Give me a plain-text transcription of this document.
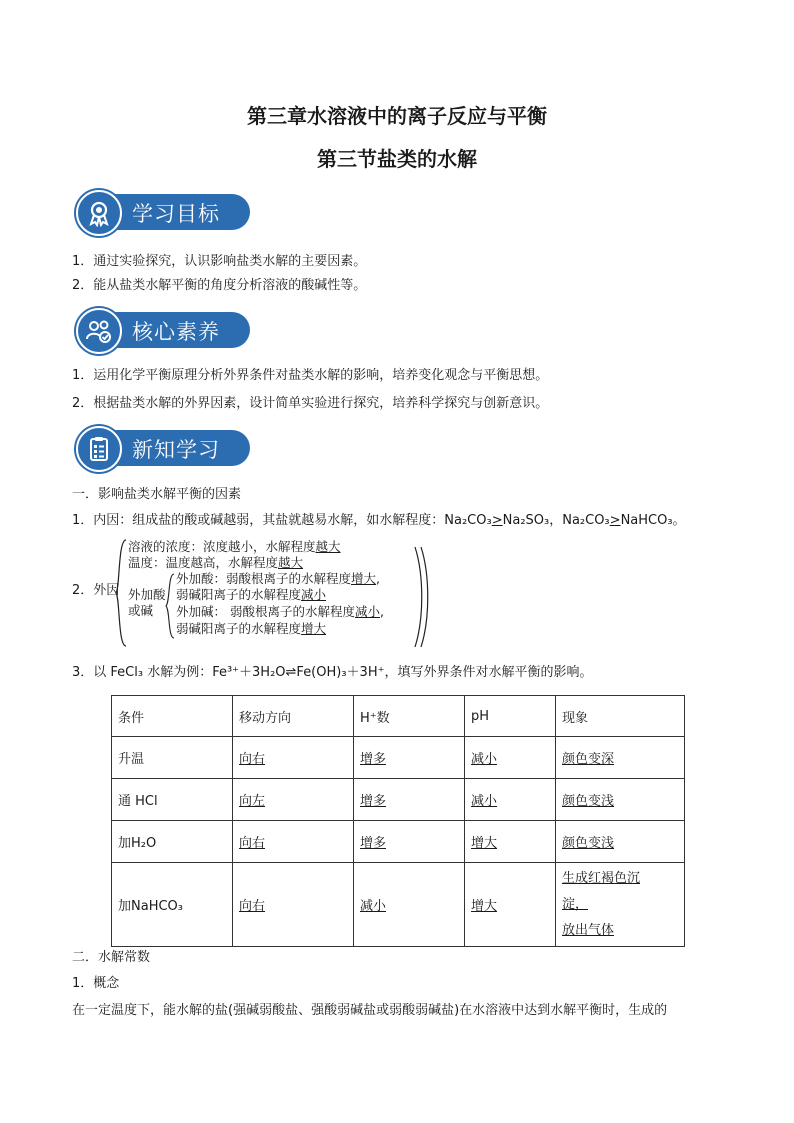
第三章水溶液中的离子反应与平衡
第三节盐类的水解
学习目标
1．通过实验探究，认识影响盐类水解的主要因素。
2．能从盐类水解平衡的角度分析溶液的酸碱性等。
核心素养
1．运用化学平衡原理分析外界条件对盐类水解的影响，培养变化观念与平衡思想。
2．根据盐类水解的外界因素，设计简单实验进行探究，培养科学探究与创新意识。
新知学习
一．影响盐类水解平衡的因素
1．内因：组成盐的酸或碱越弱，其盐就越易水解，如水解程度：Na₂CO₃>Na₂SO₃，Na₂CO₃>NaHCO₃。
2．外因
溶液的浓度：浓度越小，水解程度越大
温度：温度越高，水解程度越大
外加酸
或碱
外加酸：弱酸根离子的水解程度增大,
弱碱阳离子的水解程度减小
外加碱： 弱酸根离子的水解程度减小,
弱碱阳离子的水解程度增大
3．以 FeCl₃ 水解为例：Fe³⁺＋3H₂O⇌Fe(OH)₃＋3H⁺，填写外界条件对水解平衡的影响。
条件	移动方向	H⁺数	pH	现象
升温	向右	增多	减小	颜色变深
通 HCl	向左	增多	减小	颜色变浅
加H₂O	向右	增多	增大	颜色变浅
加NaHCO₃	向右	减小	增大	生成红褐色沉
淀，
放出气体
二．水解常数
1．概念
在一定温度下，能水解的盐(强碱弱酸盐、强酸弱碱盐或弱酸弱碱盐)在水溶液中达到水解平衡时，生成的
